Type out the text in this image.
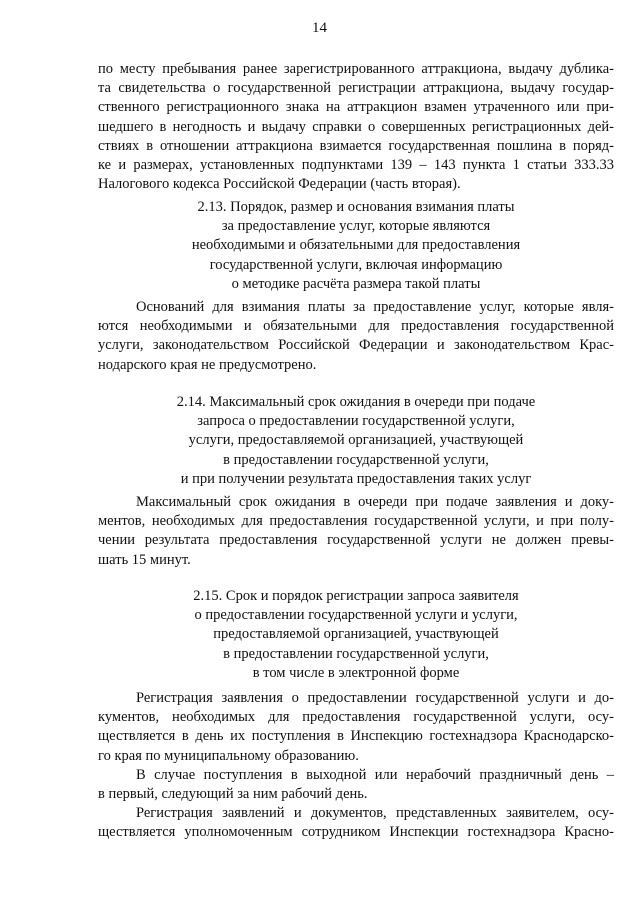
14
по месту пребывания ранее зарегистрированного аттракциона, выдачу дублика-
та свидетельства о государственной регистрации аттракциона, выдачу государ-
ственного регистрационного знака на аттракцион взамен утраченного или при-
шедшего в негодность и выдачу справки о совершенных регистрационных дей-
ствиях в отношении аттракциона взимается государственная пошлина в поряд-
ке и размерах, установленных подпунктами 139 – 143 пункта 1 статьи 333.33
Налогового кодекса Российской Федерации (часть вторая).
2.13. Порядок, размер и основания взимания платы
за предоставление услуг, которые являются
необходимыми и обязательными для предоставления
государственной услуги, включая информацию
о методике расчёта размера такой платы
Оснований для взимания платы за предоставление услуг, которые явля-
ются необходимыми и обязательными для предоставления государственной
услуги, законодательством Российской Федерации и законодательством Крас-
нодарского края не предусмотрено.
2.14. Максимальный срок ожидания в очереди при подаче
запроса о предоставлении государственной услуги,
услуги, предоставляемой организацией, участвующей
в предоставлении государственной услуги,
и при получении результата предоставления таких услуг
Максимальный срок ожидания в очереди при подаче заявления и доку-
ментов, необходимых для предоставления государственной услуги, и при полу-
чении результата предоставления государственной услуги не должен превы-
шать 15 минут.
2.15. Срок и порядок регистрации запроса заявителя
о предоставлении государственной услуги и услуги,
предоставляемой организацией, участвующей
в предоставлении государственной услуги,
в том числе в электронной форме
Регистрация заявления о предоставлении государственной услуги и до-
кументов, необходимых для предоставления государственной услуги, осу-
ществляется в день их поступления в Инспекцию гостехнадзора Краснодарско-
го края по муниципальному образованию.
В случае поступления в выходной или нерабочий праздничный день –
в первый, следующий за ним рабочий день.
Регистрация заявлений и документов, представленных заявителем, осу-
ществляется уполномоченным сотрудником Инспекции гостехнадзора Красно-
